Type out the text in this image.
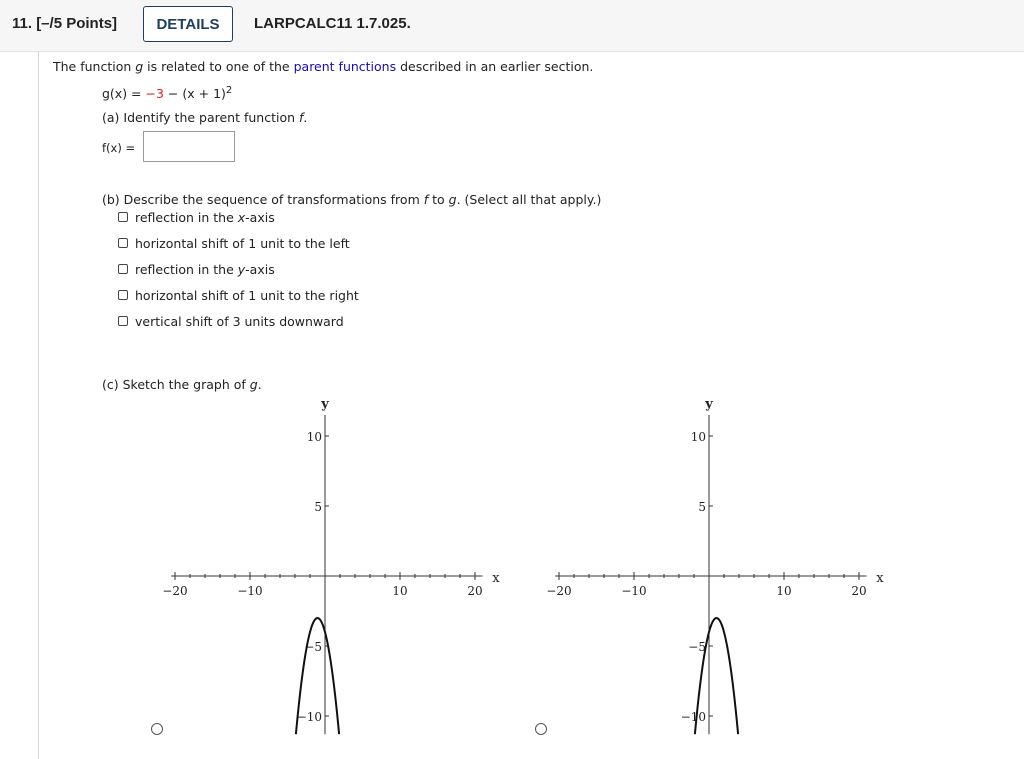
11. [–/5 Points]	DETAILS	LARPCALC11 1.7.025.
The function g is related to one of the parent functions described in an earlier section.
$g(x) = -3 - (x + 1)^2$
(a) Identify the parent function f.
f(x) =
(b) Describe the sequence of transformations from f to g. (Select all that apply.)
reflection in the x-axis
horizontal shift of 1 unit to the left
reflection in the y-axis
horizontal shift of 1 unit to the right
vertical shift of 3 units downward
(c) Sketch the graph of g.
−20	−10	10	20
10
5
−5
−10
x
y
−20	−10	10	20
10
5
−5
−10
x
y
